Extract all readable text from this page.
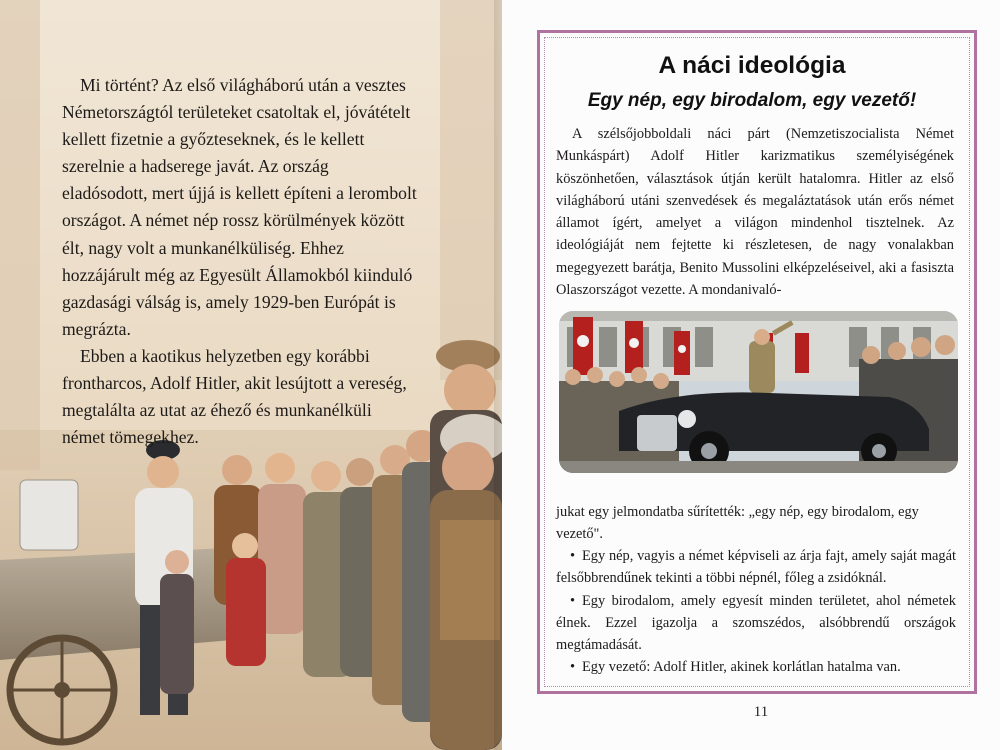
Mi történt? Az első világháború után a vesztes Németországtól területeket csatoltak el, jóvátételt kellett fizetnie a győzteseknek, és le kellett szerelnie a hadserege javát. Az ország eladósodott, mert újjá is kellett építeni a lerombolt országot. A német nép rossz körülmények között élt, nagy volt a munkanélküliség. Ehhez hozzájárult még az Egyesült Államokból kiinduló gazdasági válság is, amely 1929-ben Európát is megrázta.

Ebben a kaotikus helyzetben egy korábbi frontharcos, Adolf Hitler, akit lesújtott a vereség, megtalálta az utat az éhező és munkanélküli német tömegekhez.

A náci ideológia
Egy nép, egy birodalom, egy vezető!

A szélsőjobboldali náci párt (Nemzetiszocialista Német Munkáspárt) Adolf Hitler karizmatikus személyiségének köszönhetően, választások útján került hatalomra. Hitler az első világháború utáni szenvedések és megaláztatások után erős német államot ígért, amelyet a világon mindenhol tisztelnek. Az ideológiáját nem fejtette ki részletesen, de nagy vonalakban megegyezett barátja, Benito Mussolini elképzeléseivel, aki a fasiszta Olaszországot vezette. A mondanivaló-

jukat egy jelmondatba sűrítették: „egy nép, egy birodalom, egy vezető".

• Egy nép, vagyis a német képviseli az árja fajt, amely saját magát felsőbbrendűnek tekinti a többi népnél, főleg a zsidóknál.
• Egy birodalom, amely egyesít minden területet, ahol németek élnek. Ezzel igazolja a szomszédos, alsóbbrendű országok megtámadását.
• Egy vezető: Adolf Hitler, akinek korlátlan hatalma van.

11
